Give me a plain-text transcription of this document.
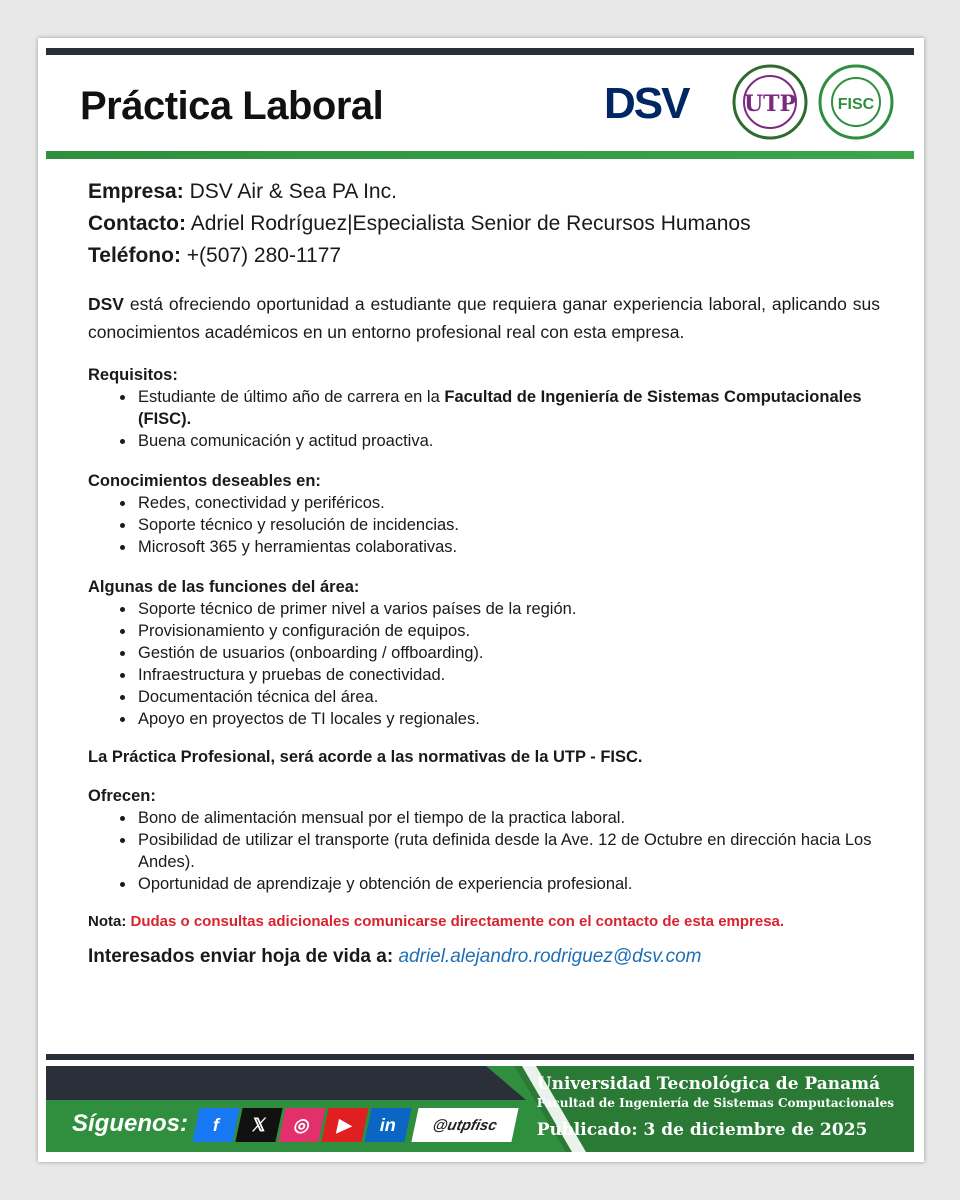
Práctica Laboral	DSV	UTP	FISC
Empresa: DSV Air & Sea PA Inc.
Contacto: Adriel Rodríguez|Especialista Senior de Recursos Humanos
Teléfono: +(507) 280-1177
DSV está ofreciendo oportunidad a estudiante que requiera ganar experiencia laboral, aplicando sus conocimientos académicos en un entorno profesional real con esta empresa.
Requisitos:
• Estudiante de último año de carrera en la Facultad de Ingeniería de Sistemas Computacionales (FISC).
• Buena comunicación y actitud proactiva.
Conocimientos deseables en:
• Redes, conectividad y periféricos.
• Soporte técnico y resolución de incidencias.
• Microsoft 365 y herramientas colaborativas.
Algunas de las funciones del área:
• Soporte técnico de primer nivel a varios países de la región.
• Provisionamiento y configuración de equipos.
• Gestión de usuarios (onboarding / offboarding).
• Infraestructura y pruebas de conectividad.
• Documentación técnica del área.
• Apoyo en proyectos de TI locales y regionales.
La Práctica Profesional, será acorde a las normativas de la UTP - FISC.
Ofrecen:
• Bono de alimentación mensual por el tiempo de la practica laboral.
• Posibilidad de utilizar el transporte (ruta definida desde la Ave. 12 de Octubre en dirección hacia Los Andes).
• Oportunidad de aprendizaje y obtención de experiencia profesional.
Nota: Dudas o consultas adicionales comunicarse directamente con el contacto de esta empresa.
Interesados enviar hoja de vida a: adriel.alejandro.rodriguez@dsv.com
Síguenos: f 𝕏 ◎ ▶ in	@utpfisc
Universidad Tecnológica de Panamá
Facultad de Ingeniería de Sistemas Computacionales
Publicado: 3 de diciembre de 2025
